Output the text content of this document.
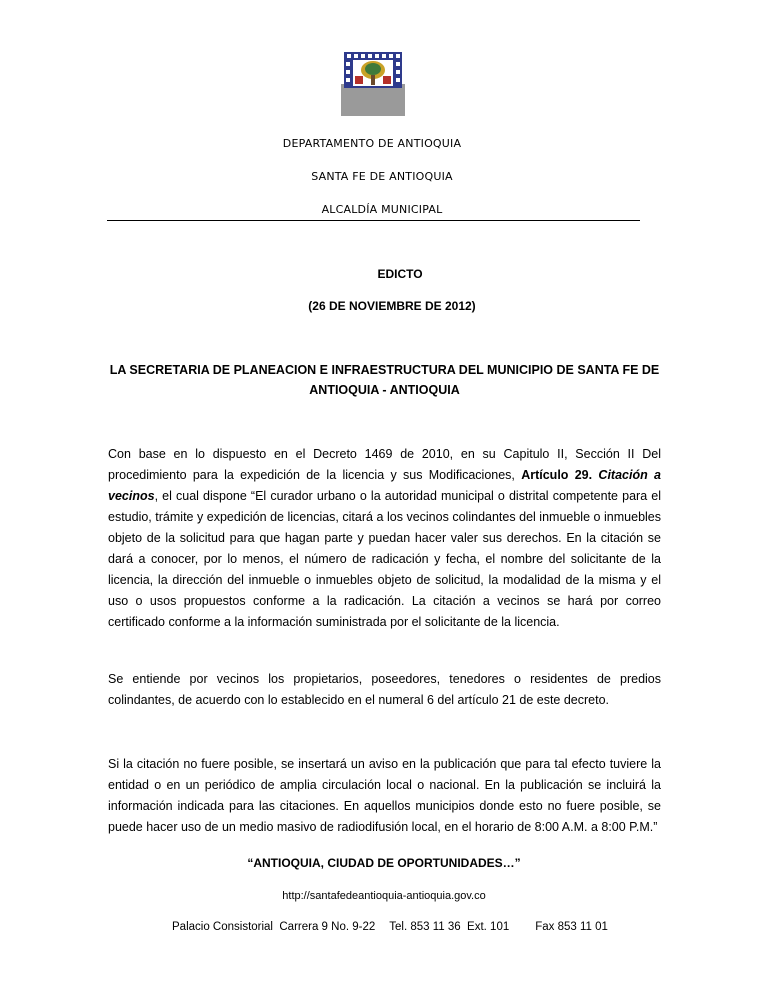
DEPARTAMENTO DE ANTIOQUIA
SANTA FE DE ANTIOQUIA
ALCALDÍA MUNICIPAL
EDICTO
(26 DE NOVIEMBRE DE 2012)
LA SECRETARIA DE PLANEACION E INFRAESTRUCTURA DEL MUNICIPIO DE SANTA FE DE ANTIOQUIA - ANTIOQUIA
Con base en lo dispuesto en el Decreto 1469 de 2010, en su Capitulo II, Sección II Del procedimiento para la expedición de la licencia y sus Modificaciones, Artículo 29. Citación a vecinos, el cual dispone “El curador urbano o la autoridad municipal o distrital competente para el estudio, trámite y expedición de licencias, citará a los vecinos colindantes del inmueble o inmuebles objeto de la solicitud para que hagan parte y puedan hacer valer sus derechos. En la citación se dará a conocer, por lo menos, el número de radicación y fecha, el nombre del solicitante de la licencia, la dirección del inmueble o inmuebles objeto de solicitud, la modalidad de la misma y el uso o usos propuestos conforme a la radicación. La citación a vecinos se hará por correo certificado conforme a la información suministrada por el solicitante de la licencia.
Se entiende por vecinos los propietarios, poseedores, tenedores o residentes de predios colindantes, de acuerdo con lo establecido en el numeral 6 del artículo 21 de este decreto.
Si la citación no fuere posible, se insertará un aviso en la publicación que para tal efecto tuviere la entidad o en un periódico de amplia circulación local o nacional. En la publicación se incluirá la información indicada para las citaciones. En aquellos municipios donde esto no fuere posible, se puede hacer uso de un medio masivo de radiodifusión local, en el horario de 8:00 A.M. a 8:00 P.M.”
“ANTIOQUIA, CIUDAD DE OPORTUNIDADES…”
http://santafedeantioquia-antioquia.gov.co
Palacio Consistorial  Carrera 9 No. 9-22 Tel. 853 11 36  Ext. 101 Fax 853 11 01
